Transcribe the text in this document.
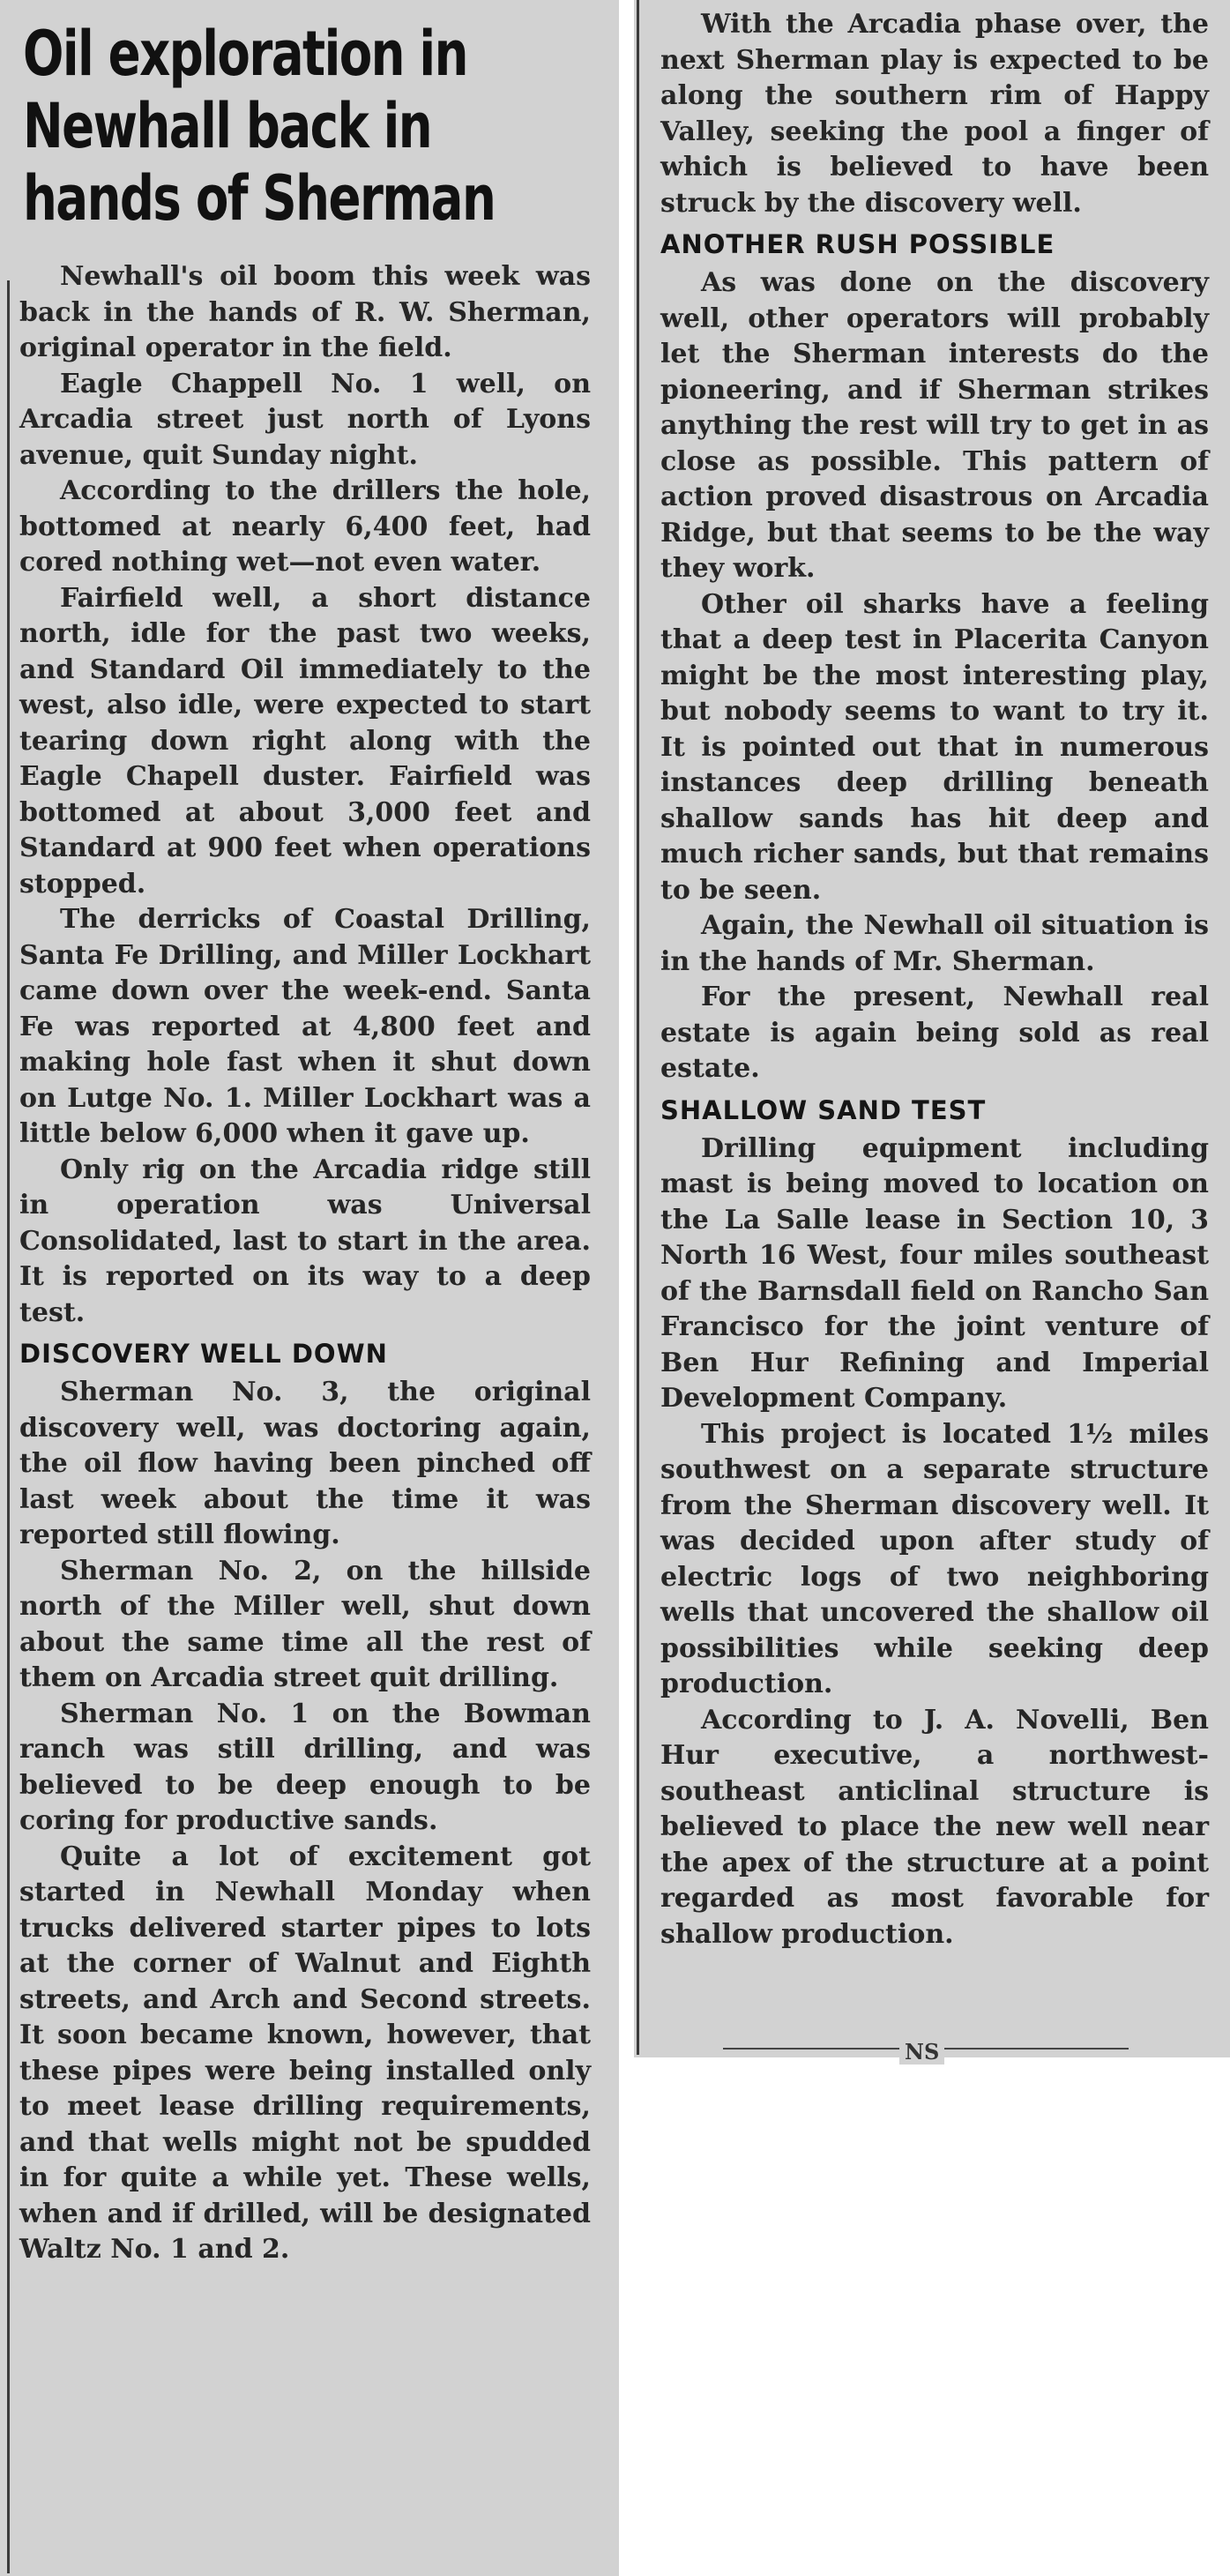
Oil exploration in Newhall back in hands of Sherman

Newhall's oil boom this week was back in the hands of R. W. Sherman, original operator in the field.

Eagle Chappell No. 1 well, on Arcadia street just north of Lyons avenue, quit Sunday night.

According to the drillers the hole, bottomed at nearly 6,400 feet, had cored nothing wet—not even water.

Fairfield well, a short distance north, idle for the past two weeks, and Standard Oil immediately to the west, also idle, were expected to start tearing down right along with the Eagle Chapell duster. Fairfield was bottomed at about 3,000 feet and Standard at 900 feet when operations stopped.

The derricks of Coastal Drilling, Santa Fe Drilling, and Miller Lockhart came down over the week-end. Santa Fe was reported at 4,800 feet and making hole fast when it shut down on Lutge No. 1. Miller Lockhart was a little below 6,000 when it gave up.

Only rig on the Arcadia ridge still in operation was Universal Consolidated, last to start in the area. It is reported on its way to a deep test.

DISCOVERY WELL DOWN

Sherman No. 3, the original discovery well, was doctoring again, the oil flow having been pinched off last week about the time it was reported still flowing.

Sherman No. 2, on the hillside north of the Miller well, shut down about the same time all the rest of them on Arcadia street quit drilling.

Sherman No. 1 on the Bowman ranch was still drilling, and was believed to be deep enough to be coring for productive sands.

Quite a lot of excitement got started in Newhall Monday when trucks delivered starter pipes to lots at the corner of Walnut and Eighth streets, and Arch and Second streets. It soon became known, however, that these pipes were being installed only to meet lease drilling requirements, and that wells might not be spudded in for quite a while yet. These wells, when and if drilled, will be designated Waltz No. 1 and 2.

With the Arcadia phase over, the next Sherman play is expected to be along the southern rim of Happy Valley, seeking the pool a finger of which is believed to have been struck by the discovery well.

ANOTHER RUSH POSSIBLE

As was done on the discovery well, other operators will probably let the Sherman interests do the pioneering, and if Sherman strikes anything the rest will try to get in as close as possible. This pattern of action proved disastrous on Arcadia Ridge, but that seems to be the way they work.

Other oil sharks have a feeling that a deep test in Placerita Canyon might be the most interesting play, but nobody seems to want to try it. It is pointed out that in numerous instances deep drilling beneath shallow sands has hit deep and much richer sands, but that remains to be seen.

Again, the Newhall oil situation is in the hands of Mr. Sherman.

For the present, Newhall real estate is again being sold as real estate.

SHALLOW SAND TEST

Drilling equipment including mast is being moved to location on the La Salle lease in Section 10, 3 North 16 West, four miles southeast of the Barnsdall field on Rancho San Francisco for the joint venture of Ben Hur Refining and Imperial Development Company.

This project is located 1½ miles southwest on a separate structure from the Sherman discovery well. It was decided upon after study of electric logs of two neighboring wells that uncovered the shallow oil possibilities while seeking deep production.

According to J. A. Novelli, Ben Hur executive, a northwest-southeast anticlinal structure is believed to place the new well near the apex of the structure at a point regarded as most favorable for shallow production.

NS
